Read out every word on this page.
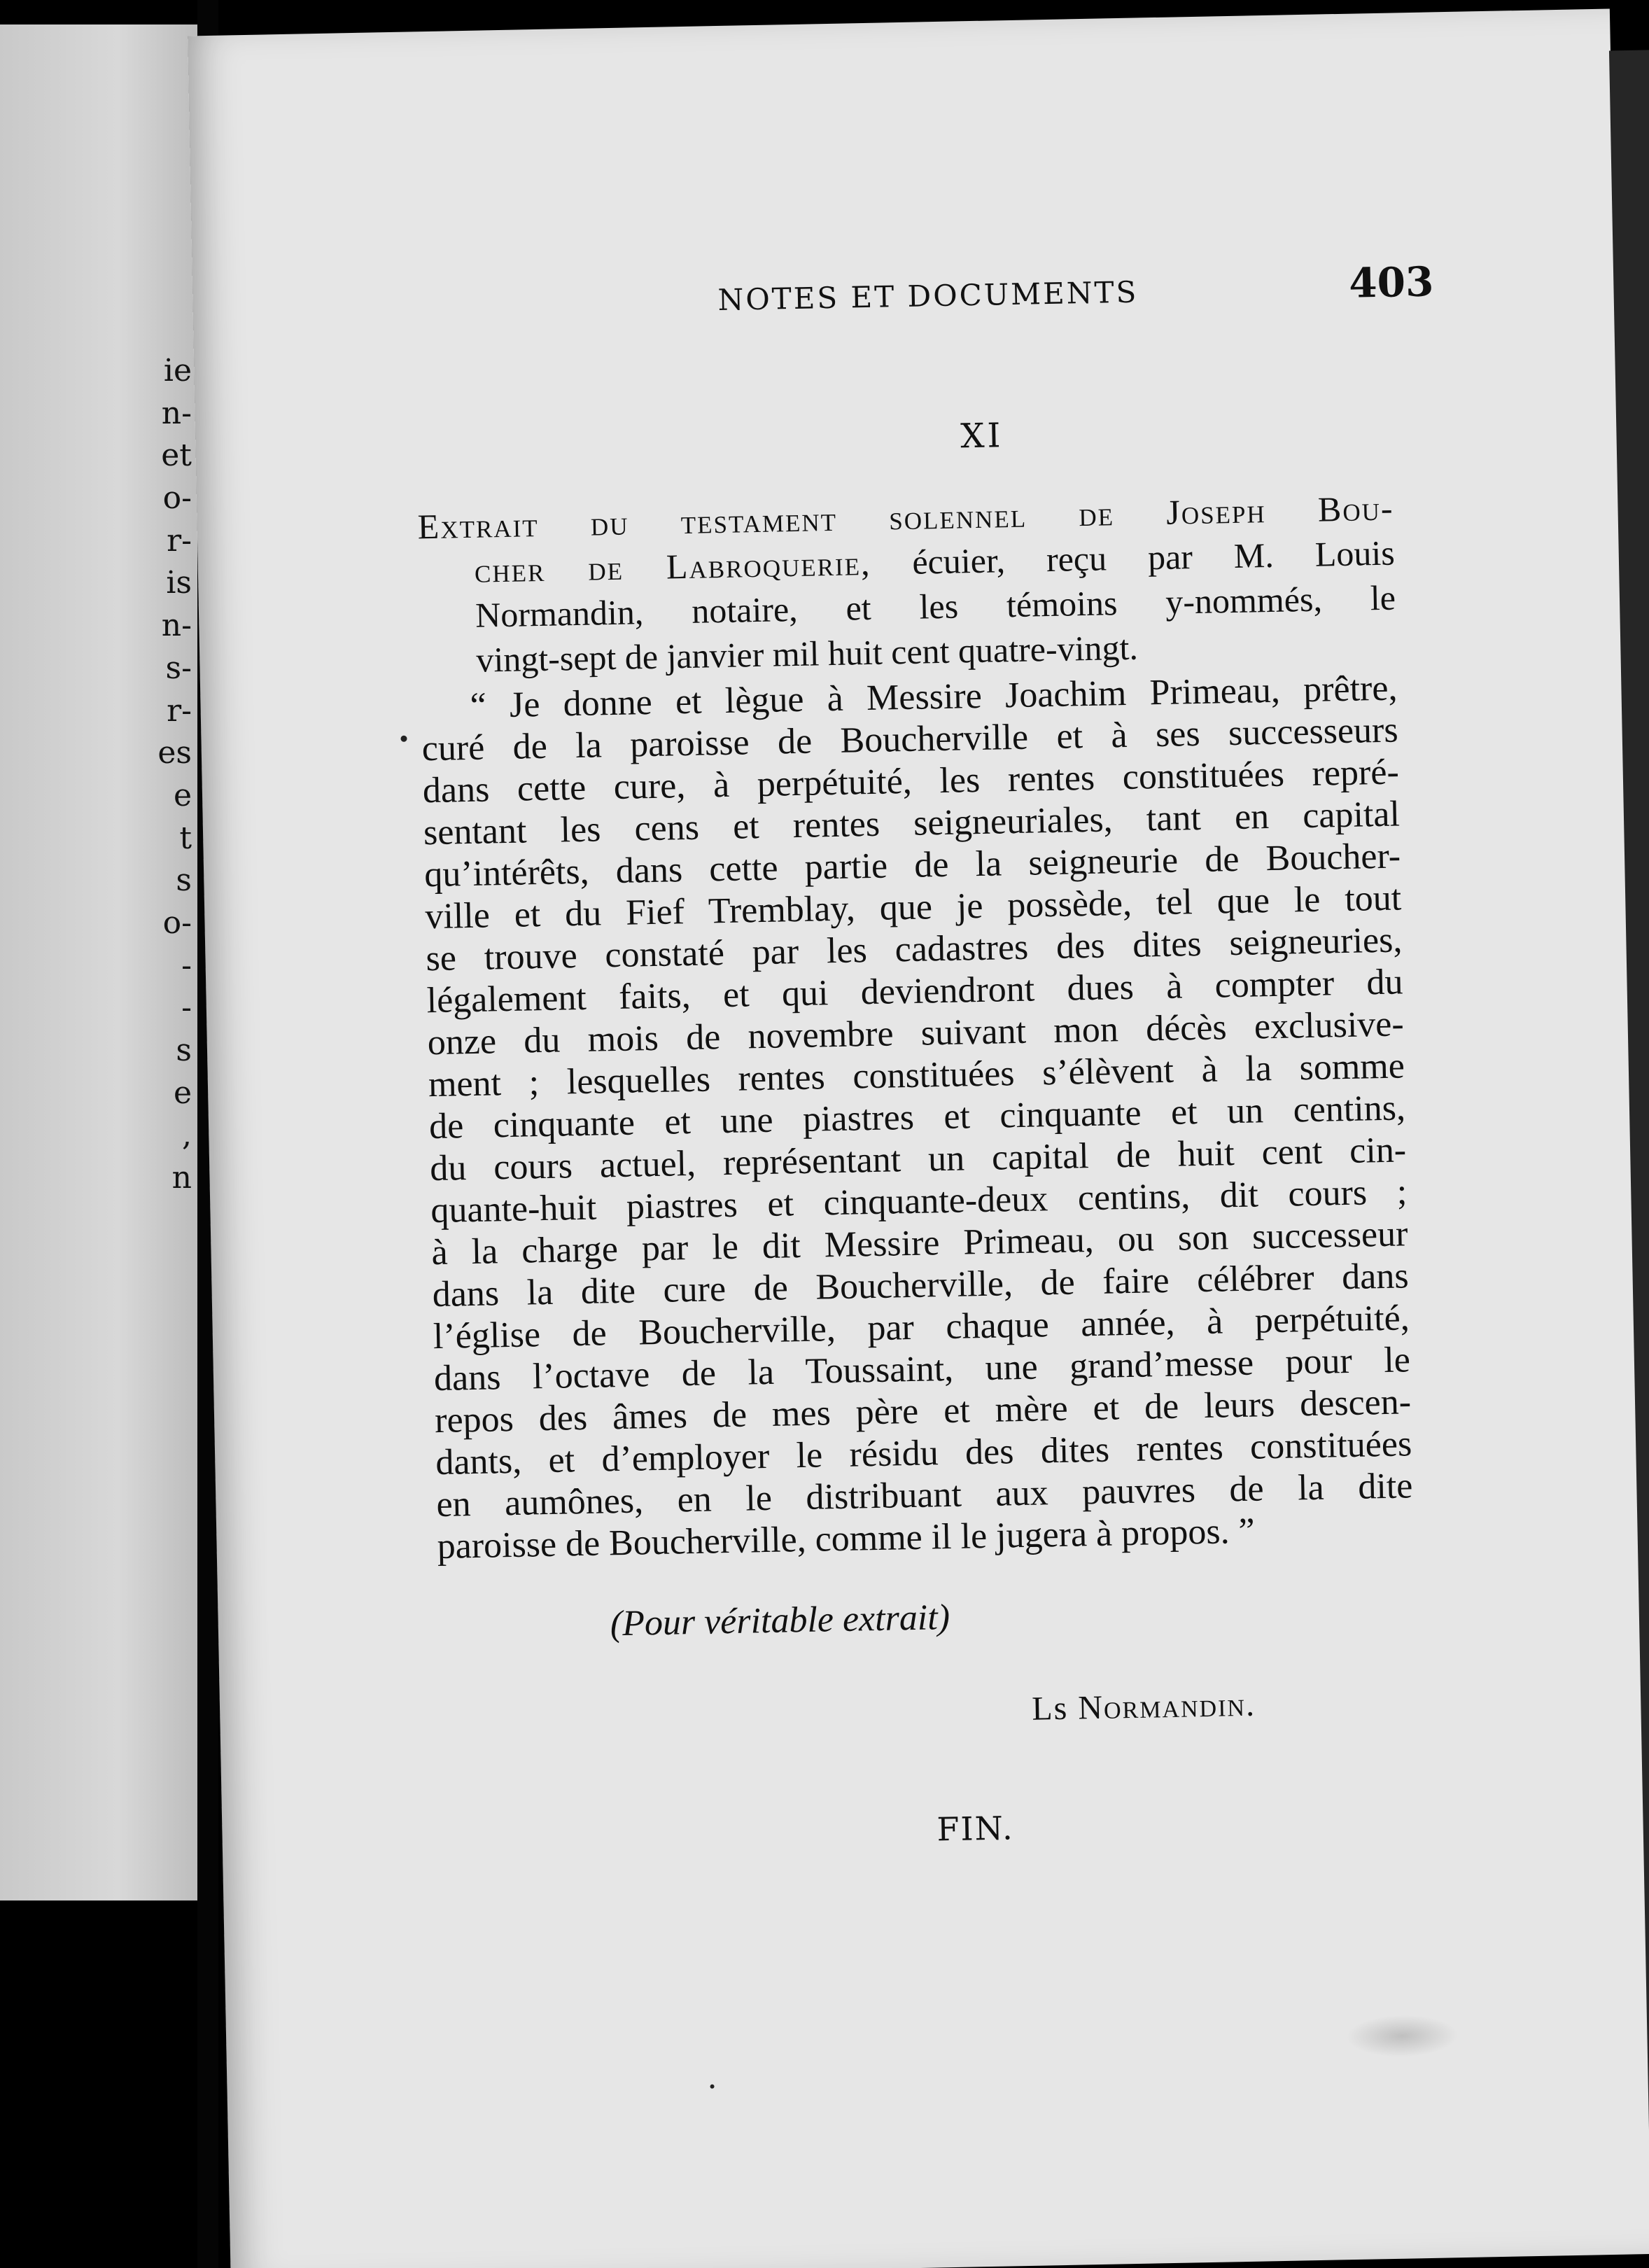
ie
n-
et
o-
r-
is
n-
s-
r-
es
e
t
s
o-
-
-
s
e
,
n
NOTES ET DOCUMENTS	403
XI

Extrait du testament solennel de Joseph Bou-
cher de Labroquerie, écuier, reçu par M. Louis
Normandin, notaire, et les témoins y-nommés, le
vingt-sept de janvier mil huit cent quatre-vingt.

“ Je donne et lègue à Messire Joachim Primeau, prêtre,
curé de la paroisse de Boucherville et à ses successeurs
dans cette cure, à perpétuité, les rentes constituées repré-
sentant les cens et rentes seigneuriales, tant en capital
qu’intérêts, dans cette partie de la seigneurie de Boucher-
ville et du Fief Tremblay, que je possède, tel que le tout
se trouve constaté par les cadastres des dites seigneuries,
légalement faits, et qui deviendront dues à compter du
onze du mois de novembre suivant mon décès exclusive-
ment ; lesquelles rentes constituées s’élèvent à la somme
de cinquante et une piastres et cinquante et un centins,
du cours actuel, représentant un capital de huit cent cin-
quante-huit piastres et cinquante-deux centins, dit cours ;
à la charge par le dit Messire Primeau, ou son successeur
dans la dite cure de Boucherville, de faire célébrer dans
l’église de Boucherville, par chaque année, à perpétuité,
dans l’octave de la Toussaint, une grand’messe pour le
repos des âmes de mes père et mère et de leurs descen-
dants, et d’employer le résidu des dites rentes constituées
en aumônes, en le distribuant aux pauvres de la dite
paroisse de Boucherville, comme il le jugera à propos. ”

(Pour véritable extrait)
Ls Normandin.
FIN.
